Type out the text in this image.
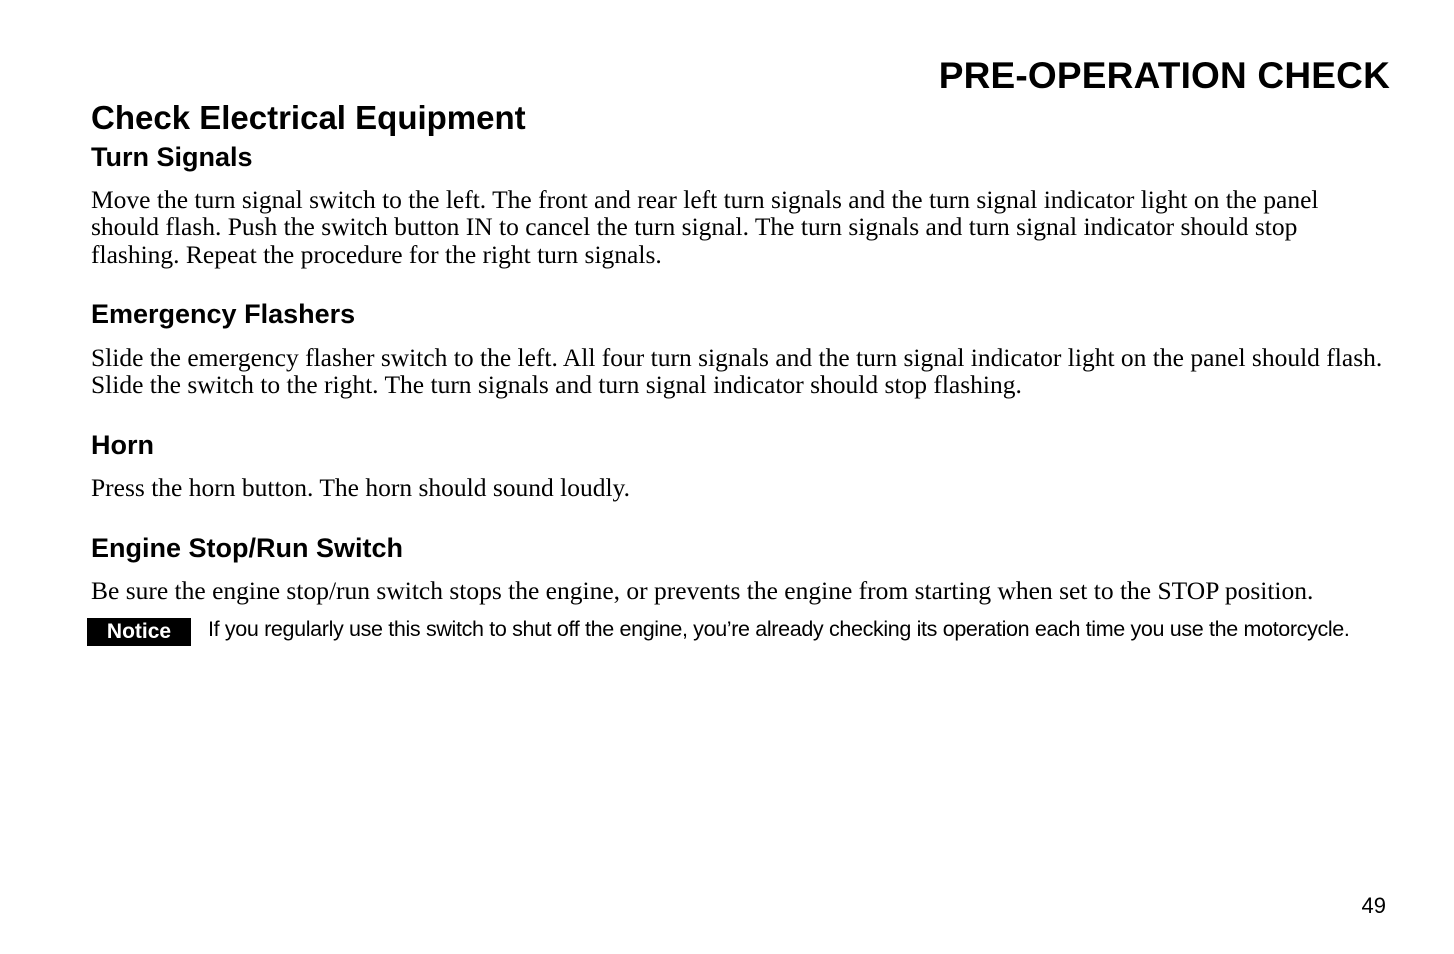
PRE-OPERATION CHECK
Check Electrical Equipment
Turn Signals

Move the turn signal switch to the left. The front and rear left turn signals and the turn signal indicator light on the panel should flash. Push the switch button IN to cancel the turn signal. The turn signals and turn signal indicator should stop flashing. Repeat the procedure for the right turn signals.

Emergency Flashers

Slide the emergency flasher switch to the left. All four turn signals and the turn signal indicator light on the panel should flash. Slide the switch to the right. The turn signals and turn signal indicator should stop flashing.

Horn

Press the horn button. The horn should sound loudly.

Engine Stop/Run Switch

Be sure the engine stop/run switch stops the engine, or prevents the engine from starting when set to the STOP position.

Notice	If you regularly use this switch to shut off the engine, you’re already checking its operation each time you use the motorcycle.

49
